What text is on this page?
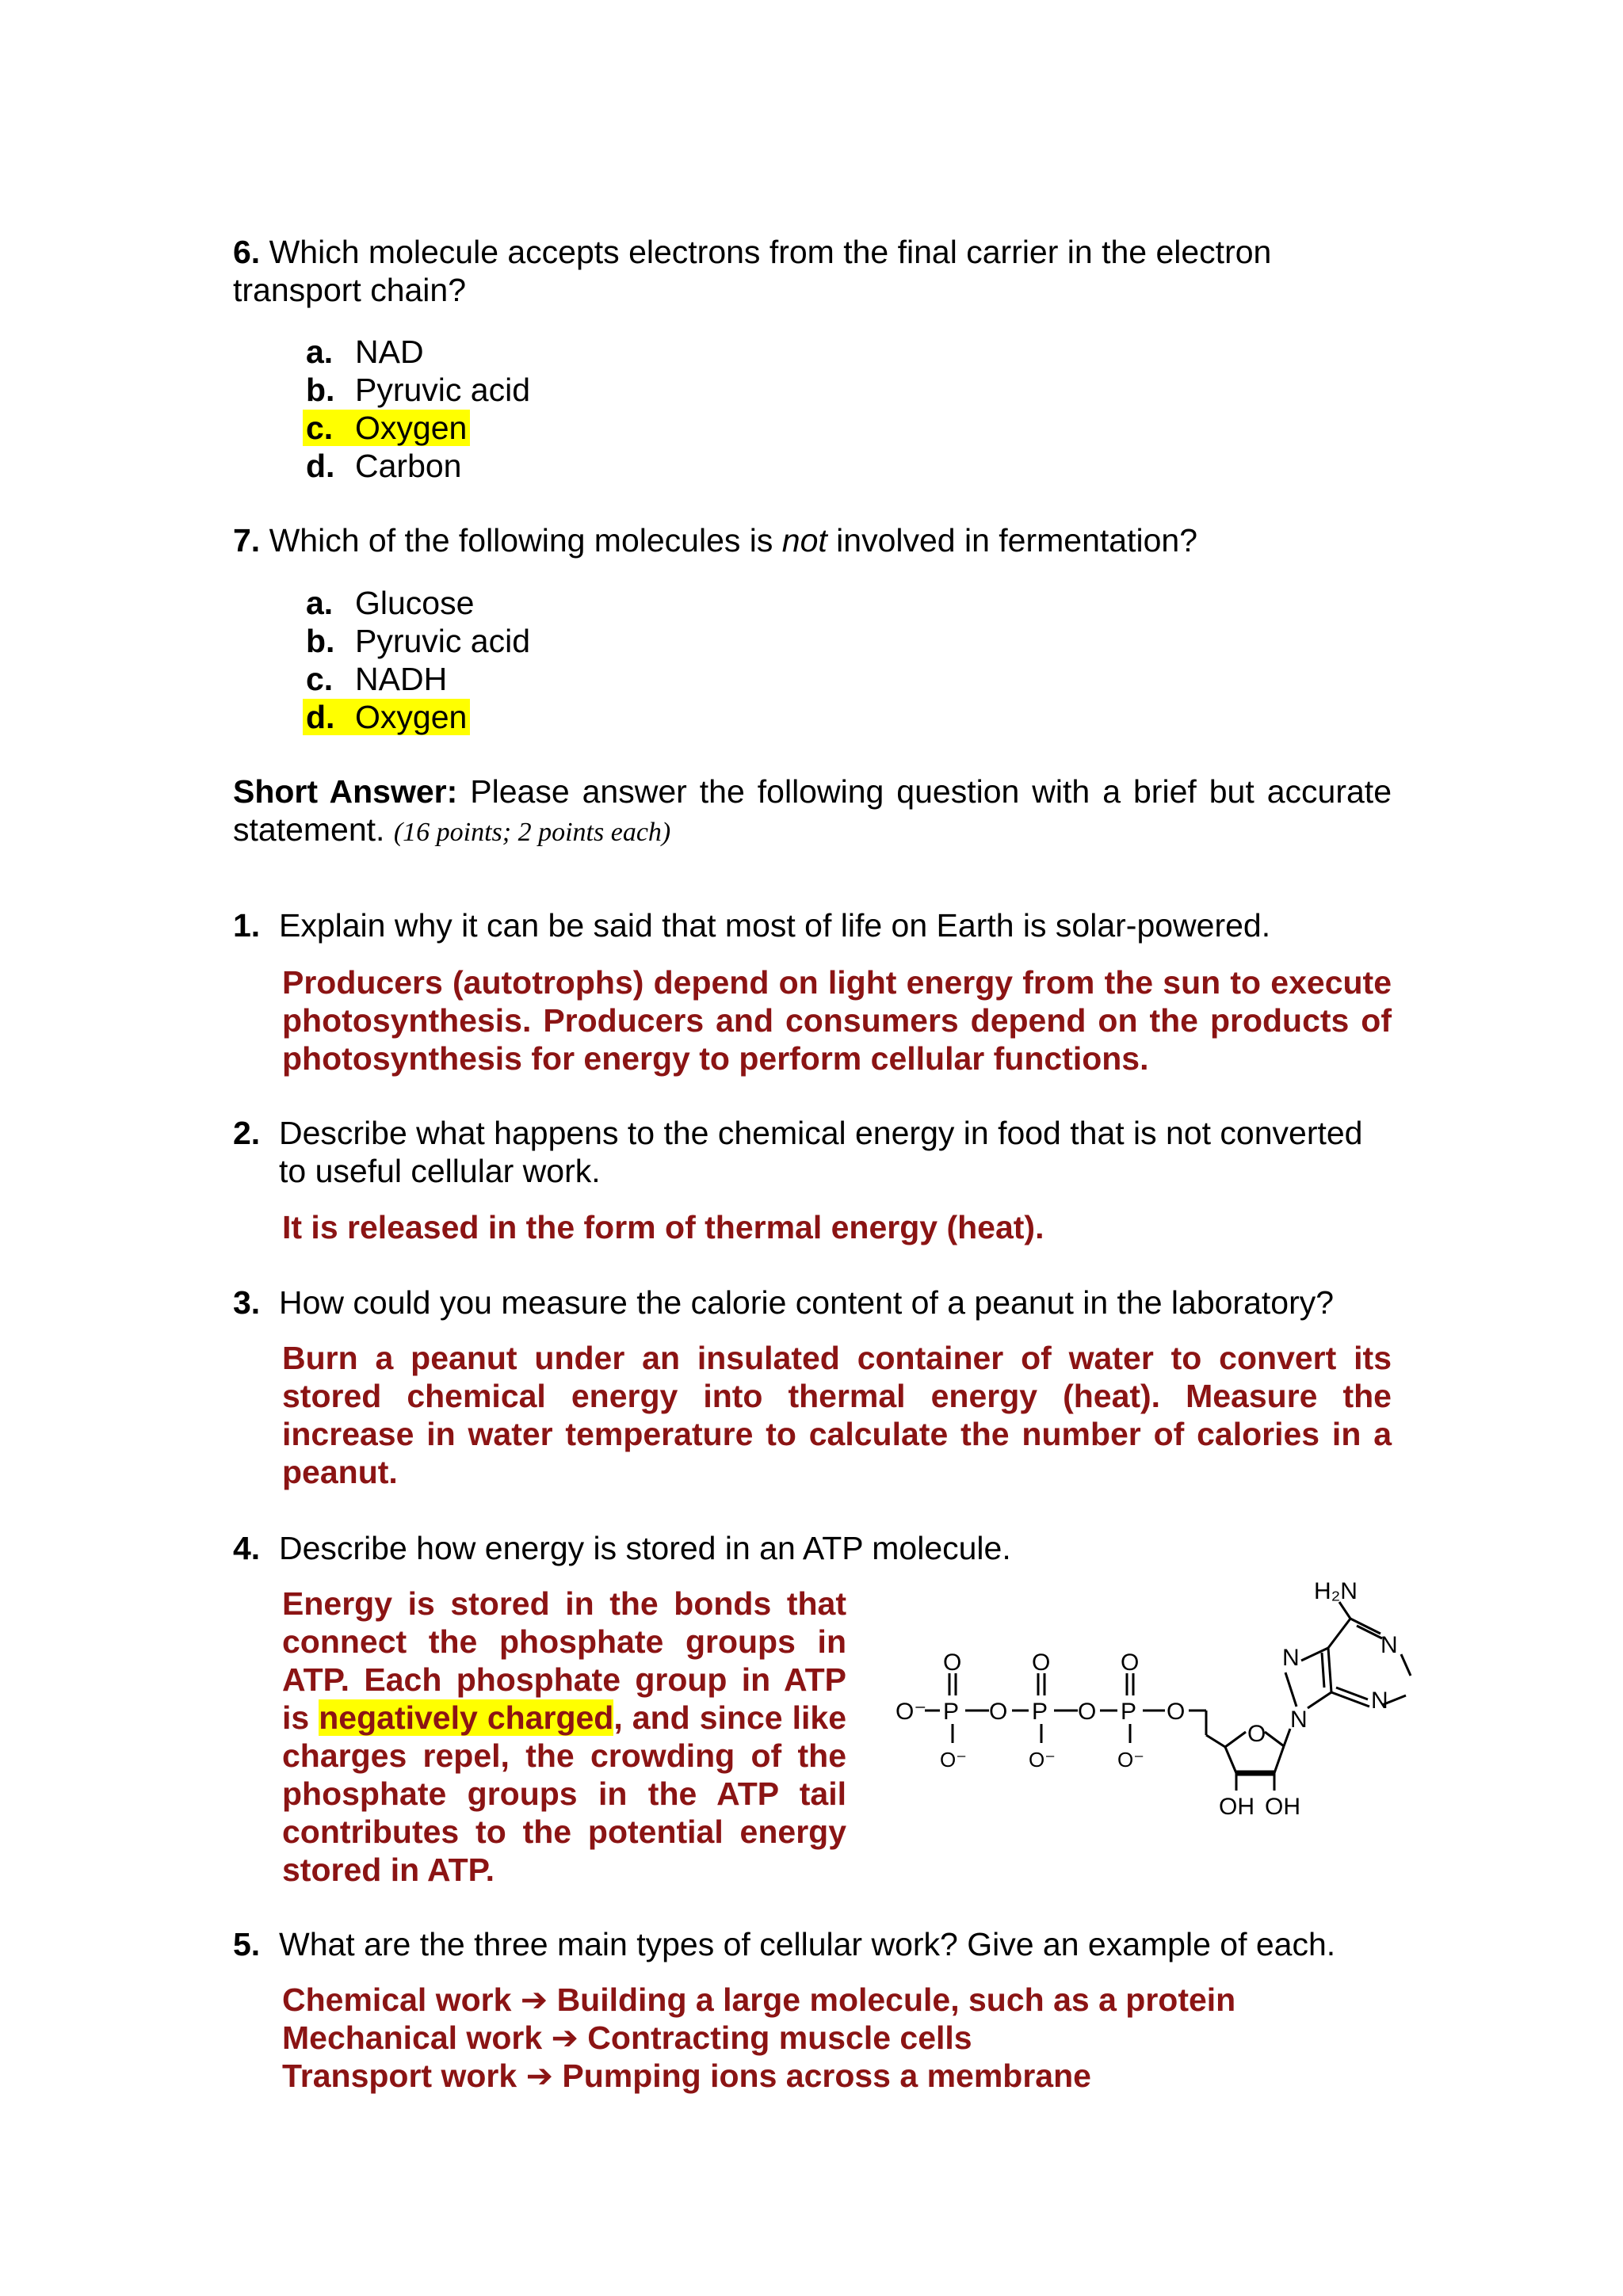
6. Which molecule accepts electrons from the final carrier in the electron transport chain?
a. NAD
b. Pyruvic acid
c. Oxygen
d. Carbon
7. Which of the following molecules is not involved in fermentation?
a. Glucose
b. Pyruvic acid
c. NADH
d. Oxygen
Short Answer: Please answer the following question with a brief but accurate statement. (16 points; 2 points each)
1. Explain why it can be said that most of life on Earth is solar-powered.
Producers (autotrophs) depend on light energy from the sun to execute photosynthesis. Producers and consumers depend on the products of photosynthesis for energy to perform cellular functions.
2. Describe what happens to the chemical energy in food that is not converted to useful cellular work.
It is released in the form of thermal energy (heat).
3. How could you measure the calorie content of a peanut in the laboratory?
Burn a peanut under an insulated container of water to convert its stored chemical energy into thermal energy (heat). Measure the increase in water temperature to calculate the number of calories in a peanut.
4. Describe how energy is stored in an ATP molecule.
Energy is stored in the bonds that connect the phosphate groups in ATP. Each phosphate group in ATP is negatively charged, and since like charges repel, the crowding of the phosphate groups in the ATP tail contributes to the potential energy stored in ATP.
O⁻ P
O
O⁻
O P
O
O⁻
O P
O
O⁻
O
O
N
N	N
N
H₂N
OH OH
5. What are the three main types of cellular work? Give an example of each.
Chemical work ➔ Building a large molecule, such as a protein
Mechanical work ➔ Contracting muscle cells
Transport work ➔ Pumping ions across a membrane
